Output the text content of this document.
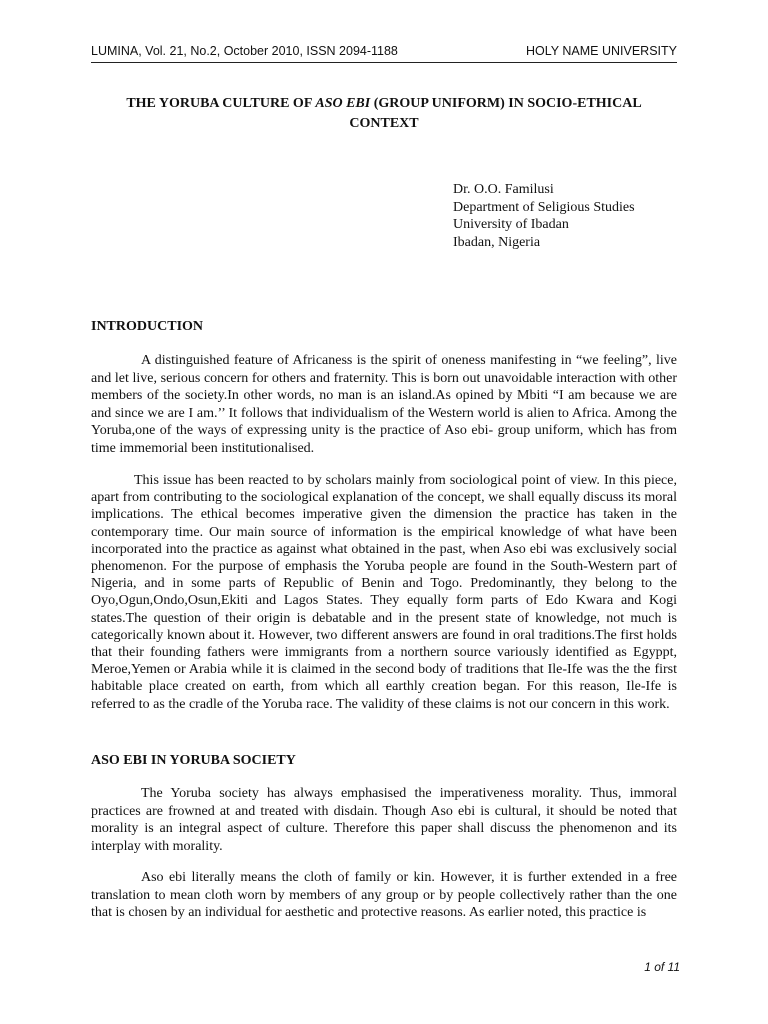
LUMINA, Vol. 21, No.2, October 2010, ISSN 2094-1188	HOLY NAME UNIVERSITY
THE YORUBA CULTURE OF ASO EBI (GROUP UNIFORM) IN SOCIO-ETHICAL CONTEXT
Dr. O.O. Familusi
Department of Seligious Studies
University of Ibadan
Ibadan, Nigeria
INTRODUCTION
A distinguished feature of Africaness is the spirit of oneness manifesting in “we feeling”, live and let live, serious concern for others and fraternity. This is born out unavoidable interaction with other members of the society.In other words, no man is an island.As opined by Mbiti “I am because we are and since we are I am.’’ It follows that individualism of the Western world is alien to Africa. Among the Yoruba,one of the ways of expressing unity is the practice of Aso ebi- group uniform, which has from time immemorial been institutionalised.
This issue has been reacted to by scholars mainly from sociological point of view. In this piece, apart from contributing to the sociological explanation of the concept, we shall equally discuss its moral implications. The ethical becomes imperative given the dimension the practice has taken in the contemporary time. Our main source of information is the empirical knowledge of what have been incorporated into the practice as against what obtained in the past, when Aso ebi was exclusively social phenomenon. For the purpose of emphasis the Yoruba people are found in the South-Western part of Nigeria, and in some parts of Republic of Benin and Togo. Predominantly, they belong to the Oyo,Ogun,Ondo,Osun,Ekiti and Lagos States. They equally form parts of Edo Kwara and Kogi states.The question of their origin is debatable and in the present state of knowledge, not much is categorically known about it. However, two different answers are found in oral traditions.The first holds that their founding fathers were immigrants from a northern source variously identified as Egyppt, Meroe,Yemen or Arabia while it is claimed in the second body of traditions that Ile-Ife was the the first habitable place created on earth, from which all earthly creation began. For this reason, Ile-Ife is referred to as the cradle of the Yoruba race. The validity of these claims is not our concern in this work.
ASO EBI IN YORUBA SOCIETY
The Yoruba society has always emphasised the imperativeness morality. Thus, immoral practices are frowned at and treated with disdain. Though Aso ebi is cultural, it should be noted that morality is an integral aspect of culture. Therefore this paper shall discuss the phenomenon and its interplay with morality.
Aso ebi literally means the cloth of family or kin. However, it is further extended in a free translation to mean cloth worn by members of any group or by people collectively rather than the one that is chosen by an individual for aesthetic and protective reasons. As earlier noted, this practice is
1 of 11
